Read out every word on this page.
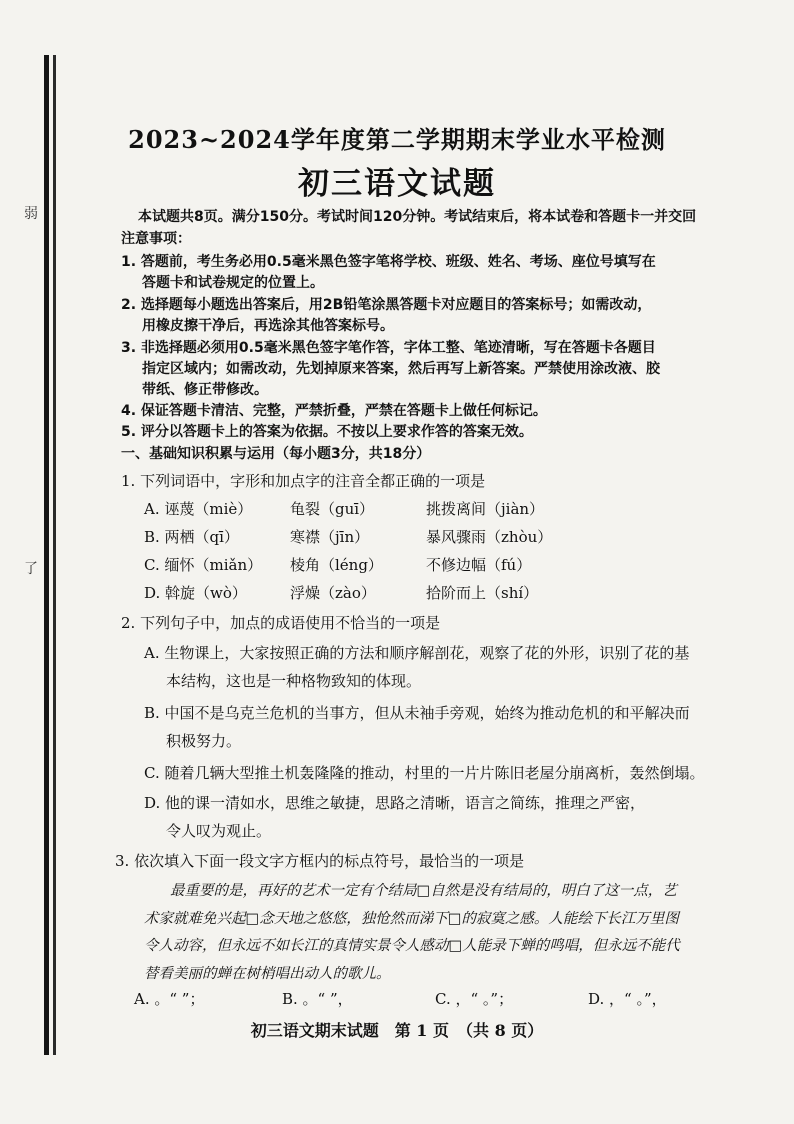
弱
了
2023~2024学年度第二学期期末学业水平检测
初三语文试题
本试题共8页。满分150分。考试时间120分钟。考试结束后，将本试卷和答题卡一并交回
注意事项：
1. 答题前，考生务必用0.5毫米黑色签字笔将学校、班级、姓名、考场、座位号填写在
答题卡和试卷规定的位置上。
2. 选择题每小题选出答案后，用2B铅笔涂黑答题卡对应题目的答案标号；如需改动，
用橡皮擦干净后，再选涂其他答案标号。
3. 非选择题必须用0.5毫米黑色签字笔作答，字体工整、笔迹清晰，写在答题卡各题目
指定区域内；如需改动，先划掉原来答案，然后再写上新答案。严禁使用涂改液、胶
带纸、修正带修改。
4. 保证答题卡清洁、完整，严禁折叠，严禁在答题卡上做任何标记。
5. 评分以答题卡上的答案为依据。不按以上要求作答的答案无效。
一、基础知识积累与运用（每小题3分，共18分）
1. 下列词语中，字形和加点字的注音全都正确的一项是
A. 诬蔑（miè）	龟裂（guī）	挑拨离间（jiàn）
B. 两栖（qī）	寒襟（jīn）	暴风骤雨（zhòu）
C. 缅怀（miǎn） 棱角（léng）	不修边幅（fú）
D. 斡旋（wò）	浮燥（zào）	拾阶而上（shí）
2. 下列句子中，加点的成语使用不恰当的一项是
A. 生物课上，大家按照正确的方法和顺序解剖花，观察了花的外形，识别了花的基
本结构，这也是一种格物致知的体现。
B. 中国不是乌克兰危机的当事方，但从未袖手旁观，始终为推动危机的和平解决而
积极努力。
C. 随着几辆大型推土机轰隆隆的推动，村里的一片片陈旧老屋分崩离析，轰然倒塌。
D. 他的课一清如水，思维之敏捷，思路之清晰，语言之简练，推理之严密，
令人叹为观止。
3. 依次填入下面一段文字方框内的标点符号，最恰当的一项是
最重要的是，再好的艺术一定有个结局□自然是没有结局的，明白了这一点，艺
术家就难免兴起□念天地之悠悠，独怆然而涕下□的寂寞之感。人能绘下长江万里图
令人动容，但永远不如长江的真情实景令人感动□人能录下蝉的鸣唱，但永远不能代
替看美丽的蝉在树梢唱出动人的歌儿。
A. 。“ ”；	B. 。“ ”，	C. ，“ 。”；	D. ，“ 。”，
初三语文期末试题　第 1 页　（共 8 页）
